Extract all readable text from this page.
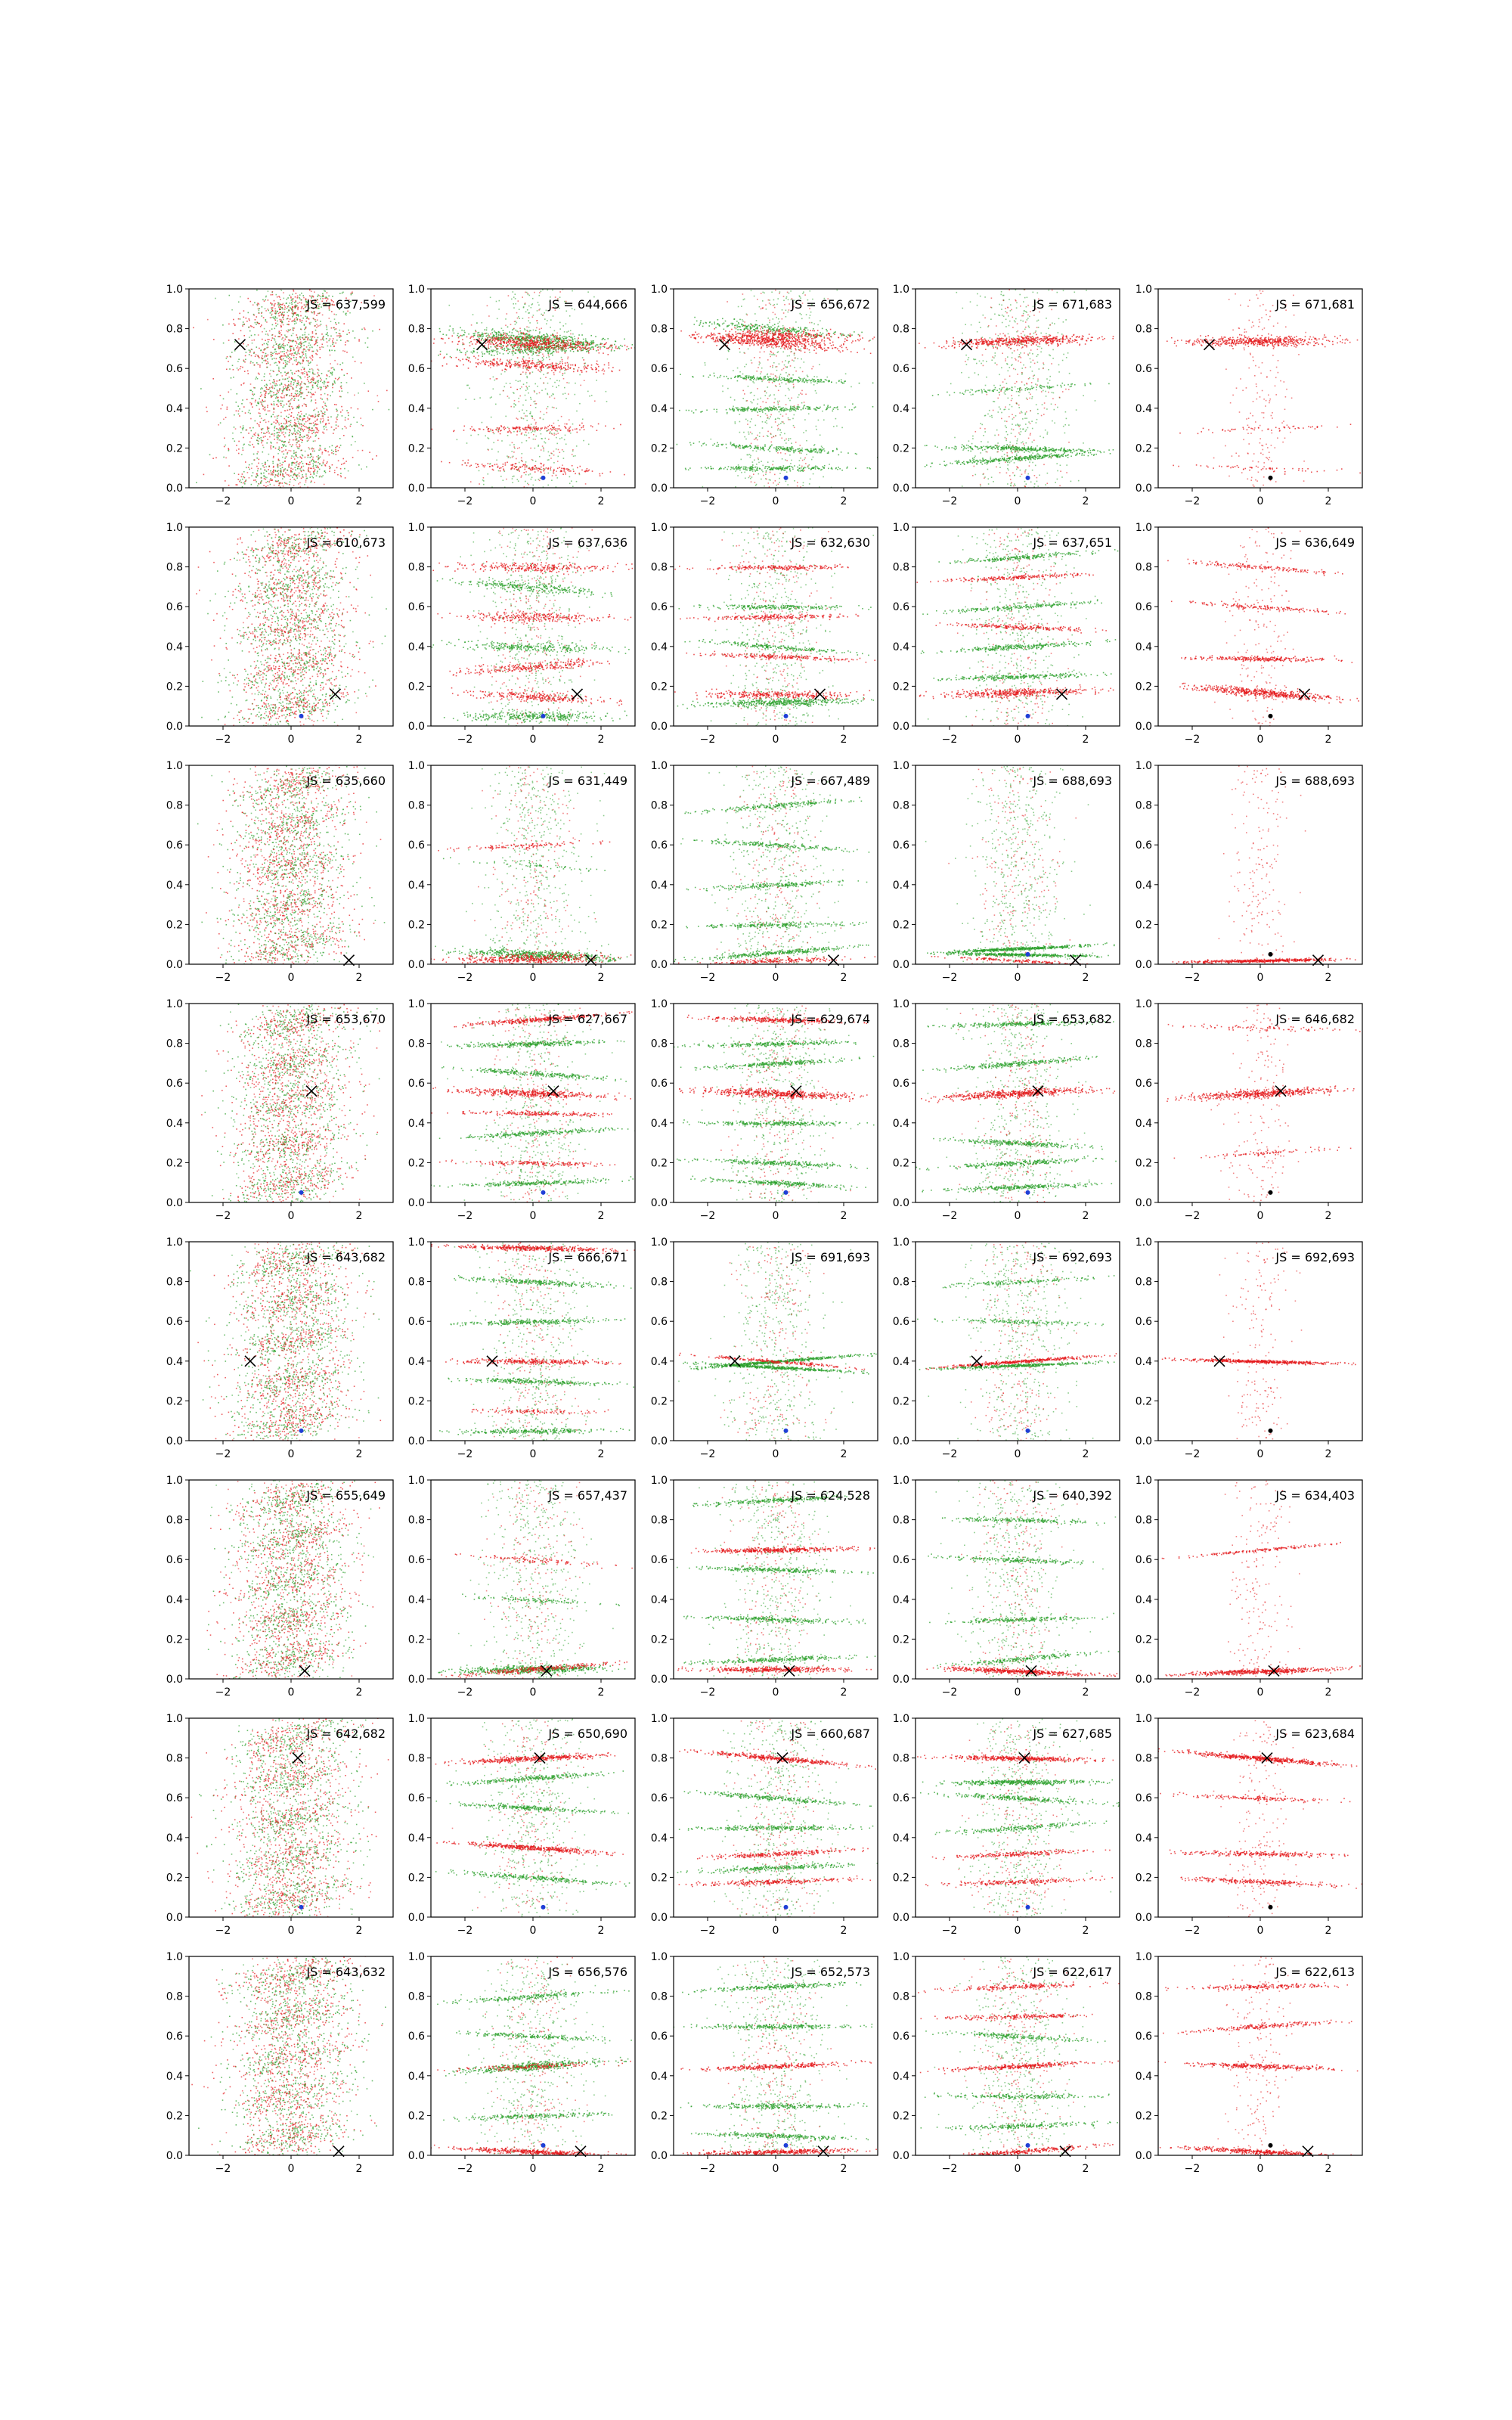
−2	0	2
0.0
0.2
0.4
0.6
0.8
1.0
JS = 637,599
−2	0	2
0.0
0.2
0.4
0.6
0.8
1.0
JS = 644,666
−2	0	2
0.0
0.2
0.4
0.6
0.8
1.0
JS = 656,672
−2	0	2
0.0
0.2
0.4
0.6
0.8
1.0
JS = 671,683
−2	0	2
0.0
0.2
0.4
0.6
0.8
1.0
JS = 671,681
−2	0	2
0.0
0.2
0.4
0.6
0.8
1.0
JS = 610,673
−2	0	2
0.0
0.2
0.4
0.6
0.8
1.0
JS = 637,636
−2	0	2
0.0
0.2
0.4
0.6
0.8
1.0
JS = 632,630
−2	0	2
0.0
0.2
0.4
0.6
0.8
1.0
JS = 637,651
−2	0	2
0.0
0.2
0.4
0.6
0.8
1.0
JS = 636,649
−2	0	2
0.0
0.2
0.4
0.6
0.8
1.0
JS = 635,660
−2	0	2
0.0
0.2
0.4
0.6
0.8
1.0
JS = 631,449
−2	0	2
0.0
0.2
0.4
0.6
0.8
1.0
JS = 667,489
−2	0	2
0.0
0.2
0.4
0.6
0.8
1.0
JS = 688,693
−2	0	2
0.0
0.2
0.4
0.6
0.8
1.0
JS = 688,693
−2	0	2
0.0
0.2
0.4
0.6
0.8
1.0
JS = 653,670
−2	0	2
0.0
0.2
0.4
0.6
0.8
1.0
JS = 627,667
−2	0	2
0.0
0.2
0.4
0.6
0.8
1.0
JS = 629,674
−2	0	2
0.0
0.2
0.4
0.6
0.8
1.0
JS = 653,682
−2	0	2
0.0
0.2
0.4
0.6
0.8
1.0
JS = 646,682
−2	0	2
0.0
0.2
0.4
0.6
0.8
1.0
JS = 643,682
−2	0	2
0.0
0.2
0.4
0.6
0.8
1.0
JS = 666,671
−2	0	2
0.0
0.2
0.4
0.6
0.8
1.0
JS = 691,693
−2	0	2
0.0
0.2
0.4
0.6
0.8
1.0
JS = 692,693
−2	0	2
0.0
0.2
0.4
0.6
0.8
1.0
JS = 692,693
−2	0	2
0.0
0.2
0.4
0.6
0.8
1.0
JS = 655,649
−2	0	2
0.0
0.2
0.4
0.6
0.8
1.0
JS = 657,437
−2	0	2
0.0
0.2
0.4
0.6
0.8
1.0
JS = 624,528
−2	0	2
0.0
0.2
0.4
0.6
0.8
1.0
JS = 640,392
−2	0	2
0.0
0.2
0.4
0.6
0.8
1.0
JS = 634,403
−2	0	2
0.0
0.2
0.4
0.6
0.8
1.0
JS = 642,682
−2	0	2
0.0
0.2
0.4
0.6
0.8
1.0
JS = 650,690
−2	0	2
0.0
0.2
0.4
0.6
0.8
1.0
JS = 660,687
−2	0	2
0.0
0.2
0.4
0.6
0.8
1.0
JS = 627,685
−2	0	2
0.0
0.2
0.4
0.6
0.8
1.0
JS = 623,684
−2	0	2
0.0
0.2
0.4
0.6
0.8
1.0
JS = 643,632
−2	0	2
0.0
0.2
0.4
0.6
0.8
1.0
JS = 656,576
−2	0	2
0.0
0.2
0.4
0.6
0.8
1.0
JS = 652,573
−2	0	2
0.0
0.2
0.4
0.6
0.8
1.0
JS = 622,617
−2	0	2
0.0
0.2
0.4
0.6
0.8
1.0
JS = 622,613
